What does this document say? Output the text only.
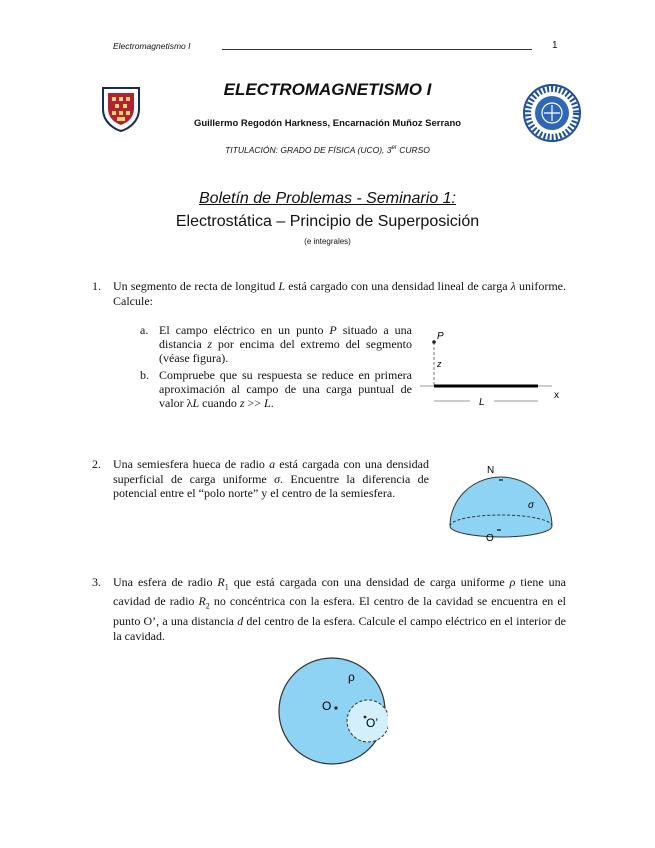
Electromagnetismo I	1
ELECTROMAGNETISMO I
Guillermo Regodón Harkness, Encarnación Muñoz Serrano
TITULACIÓN: GRADO DE FÍSICA (UCO), 3er CURSO
Boletín de Problemas - Seminario 1:
Electrostática – Principio de Superposición
(e integrales)
1. Un segmento de recta de longitud L está cargado con una densidad lineal de carga λ uniforme. Calcule:
a. El campo eléctrico en un punto P situado a una distancia z por encima del extremo del segmento (véase figura).
b. Compruebe que su respuesta se reduce en primera aproximación al campo de una carga puntual de valor λL cuando z >> L.
P
z
x
L
2. Una semiesfera hueca de radio a está cargada con una densidad superficial de carga uniforme σ. Encuentre la diferencia de potencial entre el “polo norte” y el centro de la semiesfera.
N
σ
O
3. Una esfera de radio $R_1$ que está cargada con una densidad de carga uniforme ρ tiene una cavidad de radio $R_2$ no concéntrica con la esfera. El centro de la cavidad se encuentra en el punto O’, a una distancia d del centro de la esfera. Calcule el campo eléctrico en el interior de la cavidad.
ρ
O
O’
